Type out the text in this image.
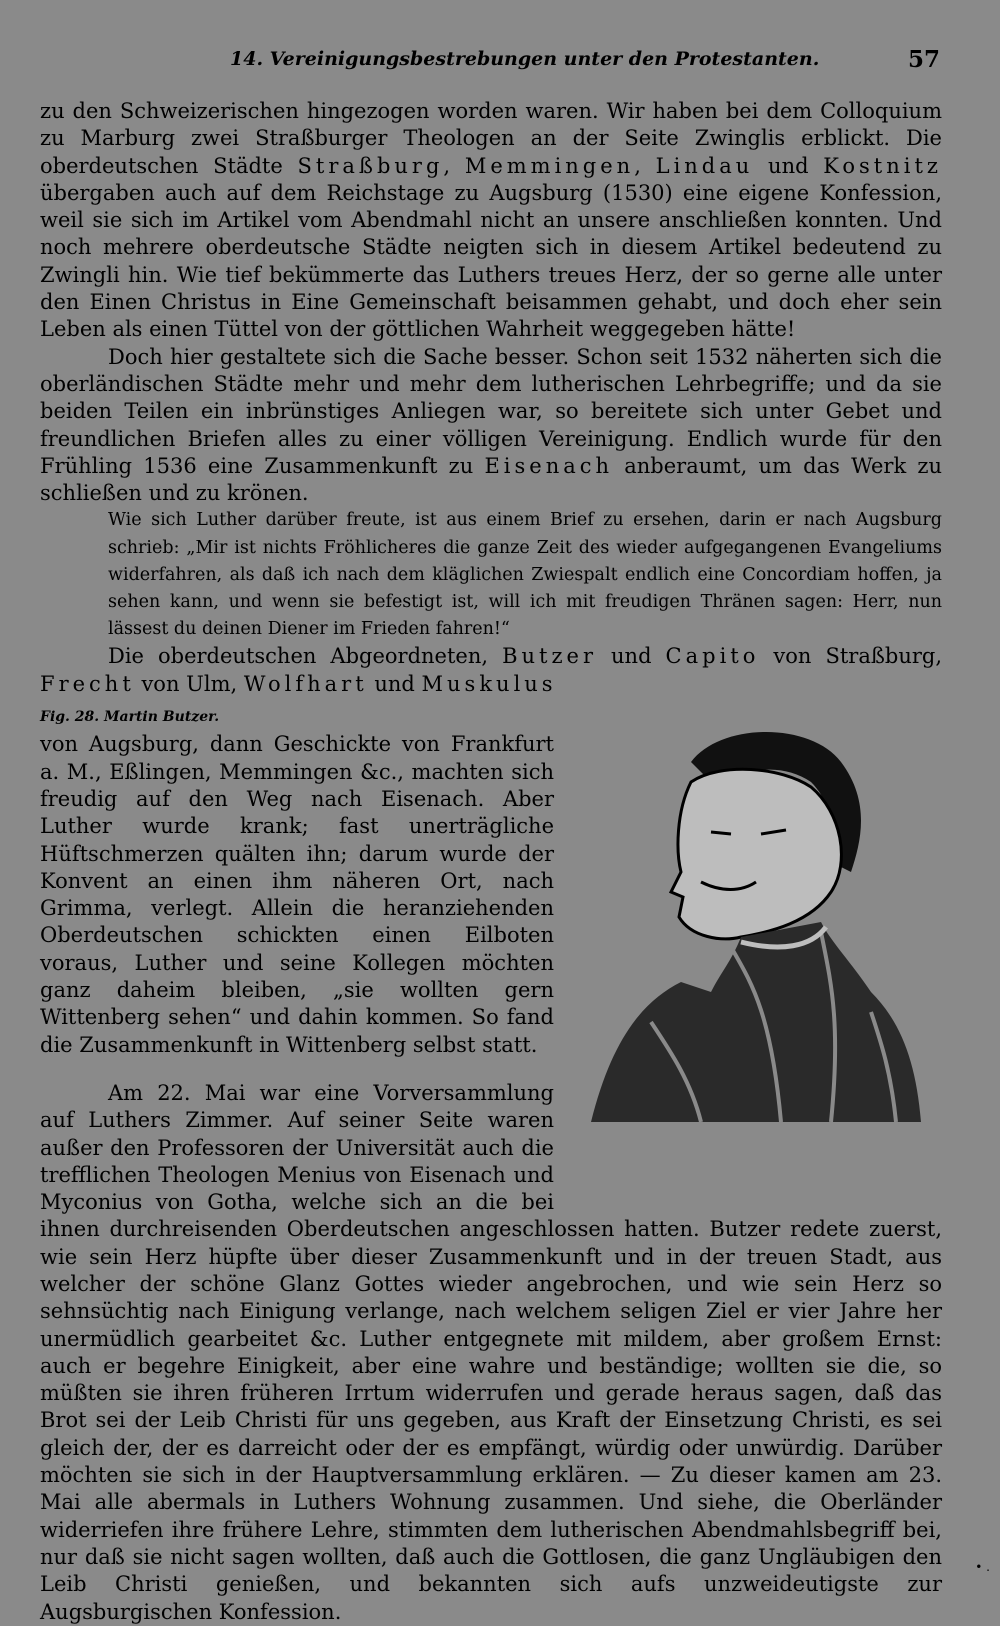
14. Vereinigungsbestrebungen unter den Protestanten.	57

zu den Schweizerischen hingezogen worden waren. Wir haben bei dem Colloquium zu Marburg zwei Straßburger Theologen an der Seite Zwinglis erblickt. Die oberdeutschen Städte Straßburg, Memmingen, Lindau und Kostnitz übergaben auch auf dem Reichstage zu Augsburg (1530) eine eigene Konfession, weil sie sich im Artikel vom Abendmahl nicht an unsere anschließen konnten. Und noch mehrere oberdeutsche Städte neigten sich in diesem Artikel bedeutend zu Zwingli hin. Wie tief bekümmerte das Luthers treues Herz, der so gerne alle unter den Einen Christus in Eine Gemeinschaft beisammen gehabt, und doch eher sein Leben als einen Tüttel von der göttlichen Wahrheit weggegeben hätte!

Doch hier gestaltete sich die Sache besser. Schon seit 1532 näherten sich die oberländischen Städte mehr und mehr dem lutherischen Lehrbegriffe; und da sie beiden Teilen ein inbrünstiges Anliegen war, so bereitete sich unter Gebet und freundlichen Briefen alles zu einer völligen Vereinigung. Endlich wurde für den Frühling 1536 eine Zusammenkunft zu Eisenach anberaumt, um das Werk zu schließen und zu krönen.

Wie sich Luther darüber freute, ist aus einem Brief zu ersehen, darin er nach Augsburg schrieb: „Mir ist nichts Fröhlicheres die ganze Zeit des wieder aufgegangenen Evangeliums widerfahren, als daß ich nach dem kläglichen Zwiespalt endlich eine Concordiam hoffen, ja sehen kann, und wenn sie befestigt ist, will ich mit freudigen Thränen sagen: Herr, nun lässest du deinen Diener im Frieden fahren!“

Die oberdeutschen Abgeordneten, Butzer und Capito von Straßburg, Frecht von Ulm, Wolfhart und Muskulus

Fig. 28. Martin Butzer.
von Augsburg, dann Geschickte von Frankfurt a. M., Eßlingen, Memmingen &c., machten sich freudig auf den Weg nach Eisenach. Aber Luther wurde krank; fast unerträgliche Hüftschmerzen quälten ihn; darum wurde der Konvent an einen ihm näheren Ort, nach Grimma, verlegt. Allein die heranziehenden Oberdeutschen schickten einen Eilboten voraus, Luther und seine Kollegen möchten ganz daheim bleiben, „sie wollten gern Wittenberg sehen“ und dahin kommen. So fand die Zusammenkunft in Wittenberg selbst statt.

Am 22. Mai war eine Vorversammlung auf Luthers Zimmer. Auf seiner Seite waren außer den Professoren der Universität auch die trefflichen Theologen Menius von Eisenach und Myconius von Gotha, welche sich an die bei ihnen durchreisenden Oberdeutschen angeschlossen hatten. Butzer redete zuerst, wie sein Herz hüpfte über dieser Zusammenkunft und in der treuen Stadt, aus welcher der schöne Glanz Gottes wieder angebrochen, und wie sein Herz so sehnsüchtig nach Einigung verlange, nach welchem seligen Ziel er vier Jahre her unermüdlich gearbeitet &c. Luther entgegnete mit mildem, aber großem Ernst: auch er begehre Einigkeit, aber eine wahre und beständige; wollten sie die, so müßten sie ihren früheren Irrtum widerrufen und gerade heraus sagen, daß das Brot sei der Leib Christi für uns gegeben, aus Kraft der Einsetzung Christi, es sei gleich der, der es darreicht oder der es empfängt, würdig oder unwürdig. Darüber möchten sie sich in der Hauptversammlung erklären. — Zu dieser kamen am 23. Mai alle abermals in Luthers Wohnung zusammen. Und siehe, die Oberländer widerriefen ihre frühere Lehre, stimmten dem lutherischen Abendmahlsbegriff bei, nur daß sie nicht sagen wollten, daß auch die Gottlosen, die ganz Ungläubigen den Leib Christi genießen, und bekannten sich aufs unzweideutigste zur Augsburgischen Konfession.

• .
